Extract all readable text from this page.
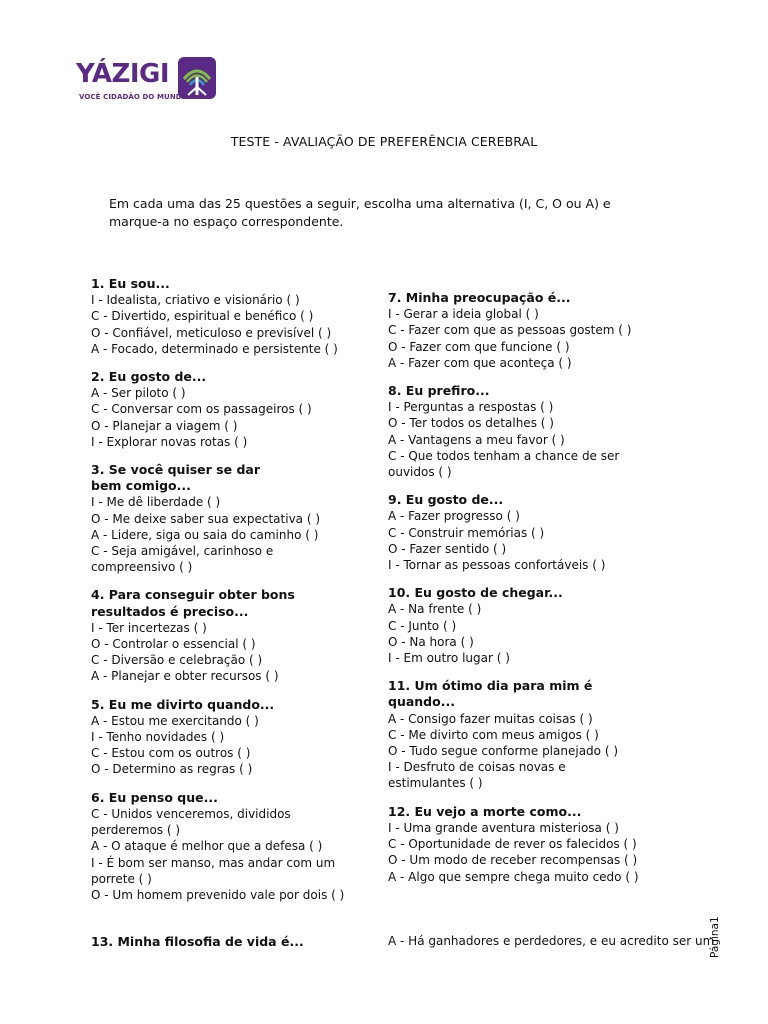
YÁZIGI
VOCÊ CIDADÃO DO MUNDO
TESTE - AVALIAÇÃO DE PREFERÊNCIA CEREBRAL
Em cada uma das 25 questões a seguir, escolha uma alternativa (I, C, O ou A) e
marque-a no espaço correspondente.
1. Eu sou...
I - Idealista, criativo e visionário ( )
C - Divertido, espiritual e benéfico ( )
O - Confiável, meticuloso e previsível ( )
A - Focado, determinado e persistente ( )
2. Eu gosto de...
A - Ser piloto ( )
C - Conversar com os passageiros ( )
O - Planejar a viagem ( )
I - Explorar novas rotas ( )
3. Se você quiser se dar bem comigo...
I - Me dê liberdade ( )
O - Me deixe saber sua expectativa ( )
A - Lidere, siga ou saia do caminho ( )
C - Seja amigável, carinhoso e compreensivo ( )
4. Para conseguir obter bons resultados é preciso...
I - Ter incertezas ( )
O - Controlar o essencial ( )
C - Diversão e celebração ( )
A - Planejar e obter recursos ( )
5. Eu me divirto quando...
A - Estou me exercitando ( )
I - Tenho novidades ( )
C - Estou com os outros ( )
O - Determino as regras ( )
6. Eu penso que...
C - Unidos venceremos, divididos perderemos ( )
A - O ataque é melhor que a defesa ( )
I - É bom ser manso, mas andar com um porrete ( )
O - Um homem prevenido vale por dois ( )
7. Minha preocupação é...
I - Gerar a ideia global ( )
C - Fazer com que as pessoas gostem ( )
O - Fazer com que funcione ( )
A - Fazer com que aconteça ( )
8. Eu prefiro...
I - Perguntas a respostas ( )
O - Ter todos os detalhes ( )
A - Vantagens a meu favor ( )
C - Que todos tenham a chance de ser ouvidos ( )
9. Eu gosto de...
A - Fazer progresso ( )
C - Construir memórias ( )
O - Fazer sentido ( )
I - Tornar as pessoas confortáveis ( )
10. Eu gosto de chegar...
A - Na frente ( )
C - Junto ( )
O - Na hora ( )
I - Em outro lugar ( )
11. Um ótimo dia para mim é quando...
A - Consigo fazer muitas coisas ( )
C - Me divirto com meus amigos ( )
O - Tudo segue conforme planejado ( )
I - Desfruto de coisas novas e estimulantes ( )
12. Eu vejo a morte como...
I - Uma grande aventura misteriosa ( )
C - Oportunidade de rever os falecidos ( )
O - Um modo de receber recompensas ( )
A - Algo que sempre chega muito cedo ( )
13. Minha filosofia de vida é...	A - Há ganhadores e perdedores, e eu acredito ser um
Página1
